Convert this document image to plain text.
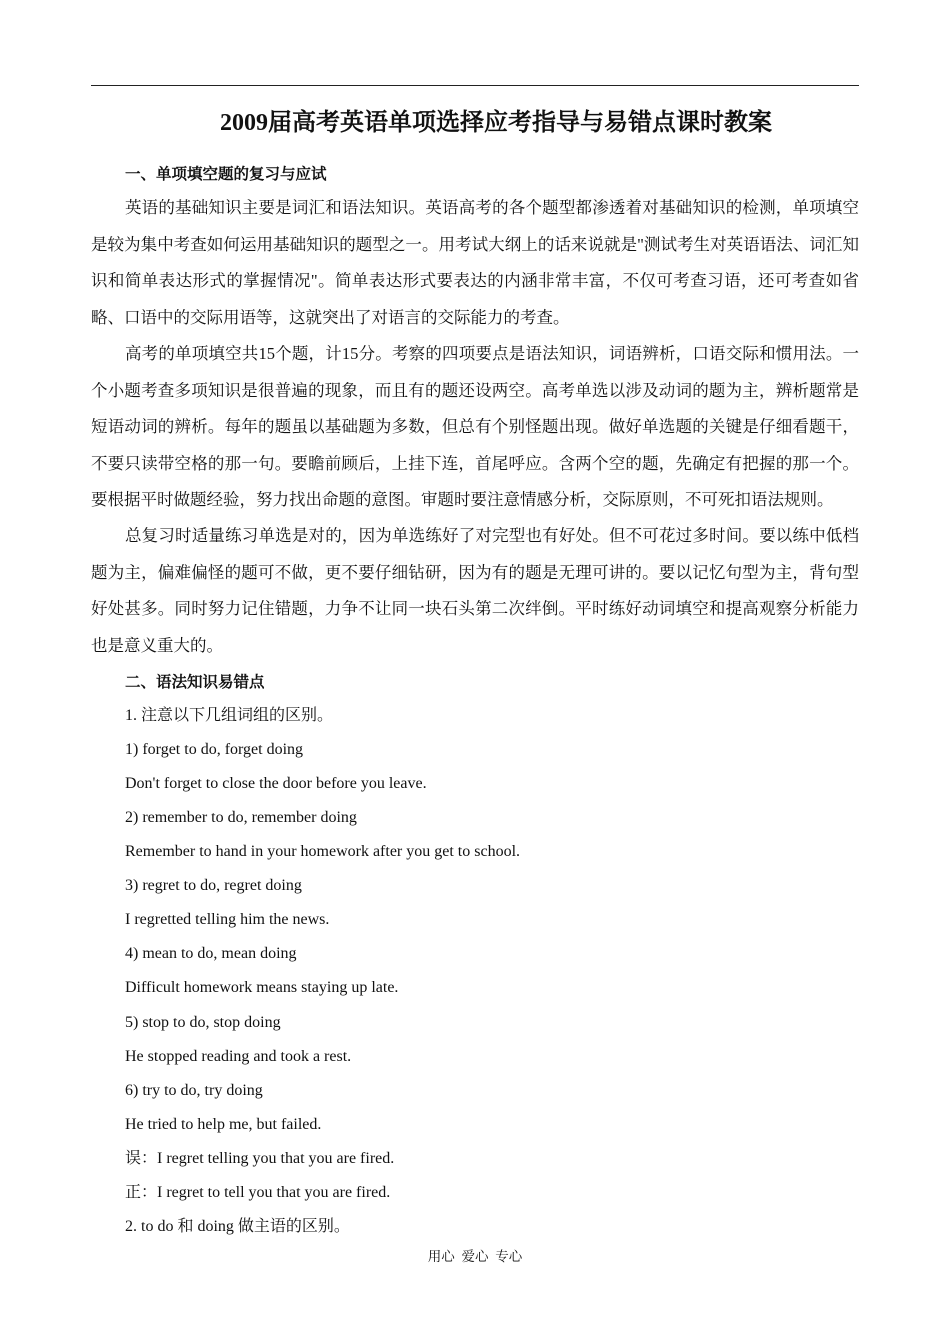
2009届高考英语单项选择应考指导与易错点课时教案
一、单项填空题的复习与应试
英语的基础知识主要是词汇和语法知识。英语高考的各个题型都渗透着对基础知识的检测，单项填空是较为集中考查如何运用基础知识的题型之一。用考试大纲上的话来说就是"测试考生对英语语法、词汇知识和简单表达形式的掌握情况"。简单表达形式要表达的内涵非常丰富，不仅可考查习语，还可考查如省略、口语中的交际用语等，这就突出了对语言的交际能力的考查。
高考的单项填空共15个题，计15分。考察的四项要点是语法知识，词语辨析，口语交际和惯用法。一个小题考查多项知识是很普遍的现象，而且有的题还设两空。高考单选以涉及动词的题为主，辨析题常是短语动词的辨析。每年的题虽以基础题为多数，但总有个别怪题出现。做好单选题的关键是仔细看题干，不要只读带空格的那一句。要瞻前顾后，上挂下连，首尾呼应。含两个空的题，先确定有把握的那一个。要根据平时做题经验，努力找出命题的意图。审题时要注意情感分析，交际原则，不可死扣语法规则。
总复习时适量练习单选是对的，因为单选练好了对完型也有好处。但不可花过多时间。要以练中低档题为主，偏难偏怪的题可不做，更不要仔细钻研，因为有的题是无理可讲的。要以记忆句型为主，背句型好处甚多。同时努力记住错题，力争不让同一块石头第二次绊倒。平时练好动词填空和提高观察分析能力也是意义重大的。
二、语法知识易错点
1. 注意以下几组词组的区别。
1) forget to do, forget doing
Don't forget to close the door before you leave.
2) remember to do, remember doing
Remember to hand in your homework after you get to school.
3) regret to do, regret doing
I regretted telling him the news.
4) mean to do, mean doing
Difficult homework means staying up late.
5) stop to do, stop doing
He stopped reading and took a rest.
6) try to do, try doing
He tried to help me, but failed.
误：I regret telling you that you are fired.
正：I regret to tell you that you are fired.
2. to do 和 doing 做主语的区别。
用心  爱心  专心
